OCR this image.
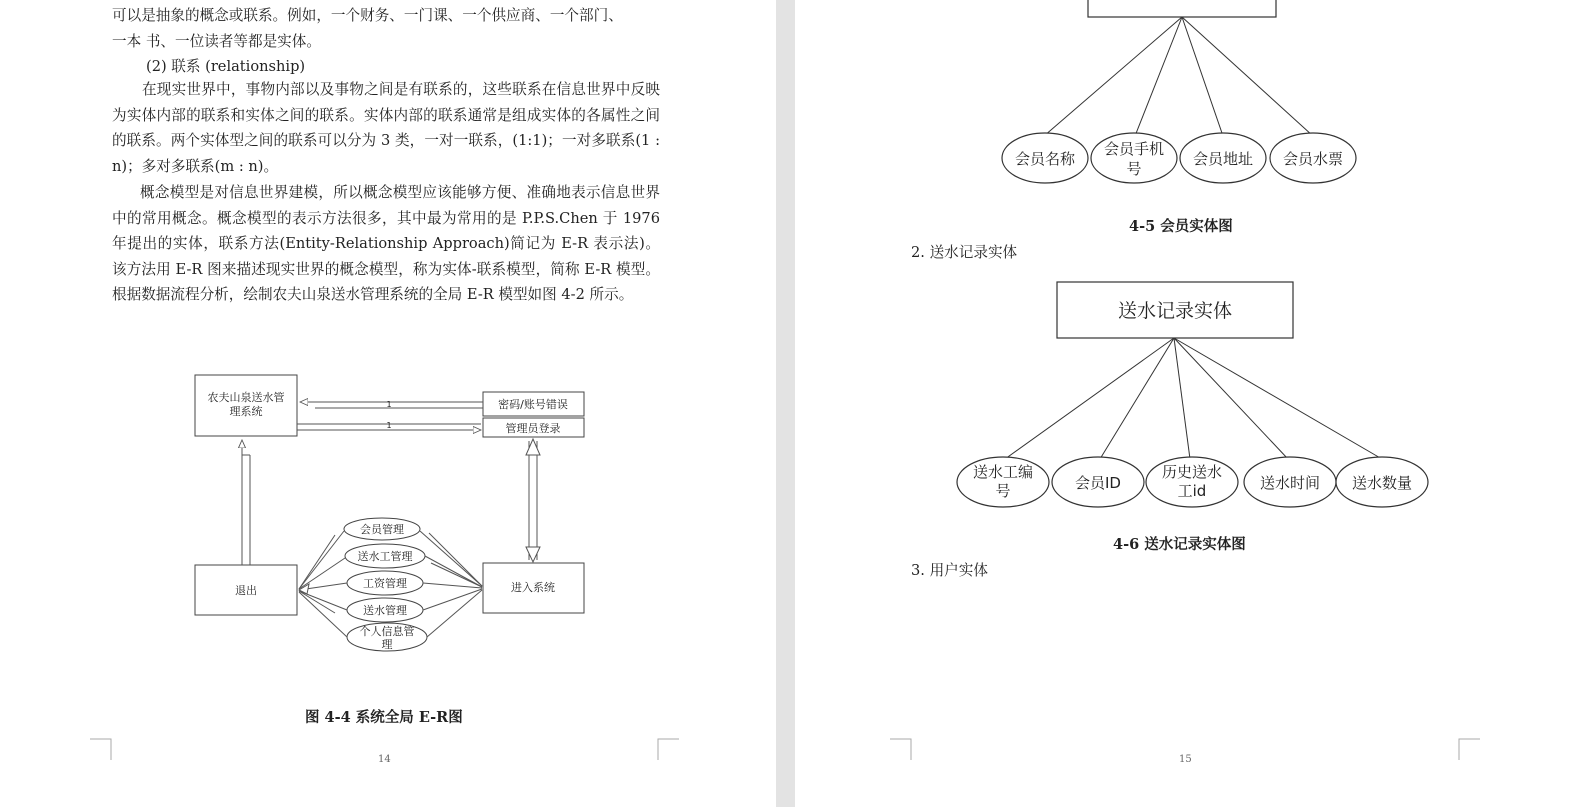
可以是抽象的概念或联系。例如，一个财务、一门课、一个供应商、一个部门、
一本 书、一位读者等都是实体。
(2) 联系 (relationship)

在现实世界中，事物内部以及事物之间是有联系的，这些联系在信息世界中反映为实体内部的联系和实体之间的联系。实体内部的联系通常是组成实体的各属性之间的联系。两个实体型之间的联系可以分为 3 类，一对一联系，(1:1)；一对多联系(1 : n)；多对多联系(m : n)。

概念模型是对信息世界建模，所以概念模型应该能够方便、准确地表示信息世界中的常用概念。概念模型的表示方法很多，其中最为常用的是 P.P.S.Chen 于 1976 年提出的实体，联系方法(Entity-Relationship Approach)简记为 E-R 表示法)。该方法用 E-R 图来描述现实世界的概念模型，称为实体-联系模型，简称 E-R 模型。根据数据流程分析，绘制农夫山泉送水管理系统的全局 E-R 模型如图 4-2 所示。

农夫山泉送水管
理系统
密码/账号错误
管理员登录
退出	进入系统
1
1
会员管理
送水工管理
工资管理
送水管理
个人信息管
理
图 4-4 系统全局 E-R图
14
会员名称
会员手机
号
会员地址 会员水票
4-5 会员实体图
2. 送水记录实体
送水记录实体
送水工编
号	会员ID
历史送水
工id	送水时间 送水数量
4-6 送水记录实体图
3. 用户实体
15
